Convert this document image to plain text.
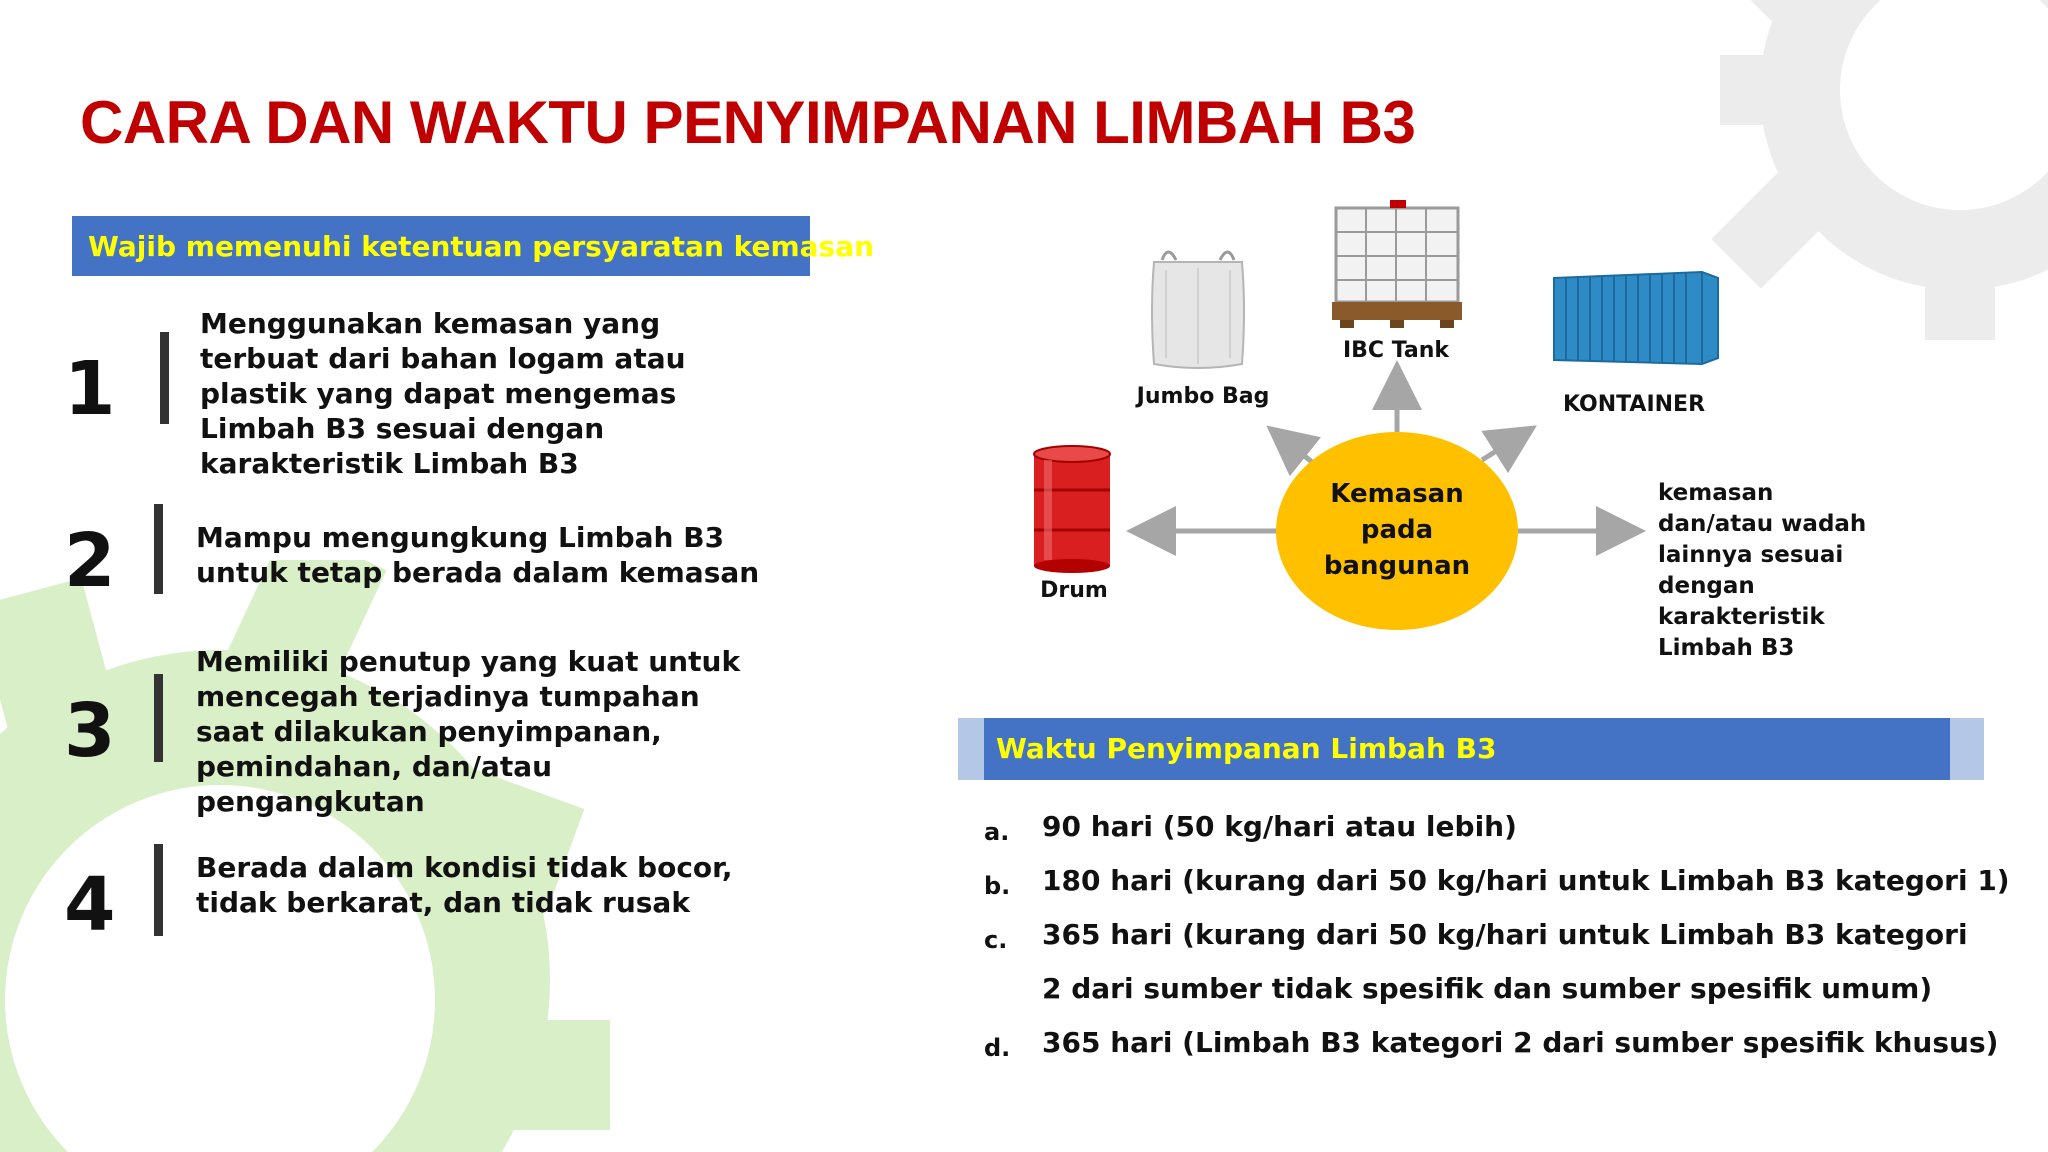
CARA DAN WAKTU PENYIMPANAN LIMBAH B3
Wajib memenuhi ketentuan persyaratan kemasan
1
Menggunakan kemasan yang terbuat dari bahan logam atau plastik yang dapat mengemas Limbah B3 sesuai dengan karakteristik Limbah B3
2	Mampu mengungkung Limbah B3 untuk tetap berada dalam kemasan
3
Memiliki penutup yang kuat untuk mencegah terjadinya tumpahan saat dilakukan penyimpanan, pemindahan, dan/atau pengangkutan
4	Berada dalam kondisi tidak bocor, tidak berkarat, dan tidak rusak
Jumbo Bag
IBC Tank
KONTAINER
Drum
Kemasan pada bangunan
kemasan dan/atau wadah lainnya sesuai dengan karakteristik Limbah B3
Waktu Penyimpanan Limbah B3
a.	90 hari (50 kg/hari atau lebih)
b.	180 hari (kurang dari 50 kg/hari untuk Limbah B3 kategori 1)
c.	365 hari (kurang dari 50 kg/hari untuk Limbah B3 kategori 2 dari sumber tidak spesifik dan sumber spesifik umum)
d.	365 hari (Limbah B3 kategori 2 dari sumber spesifik khusus)
